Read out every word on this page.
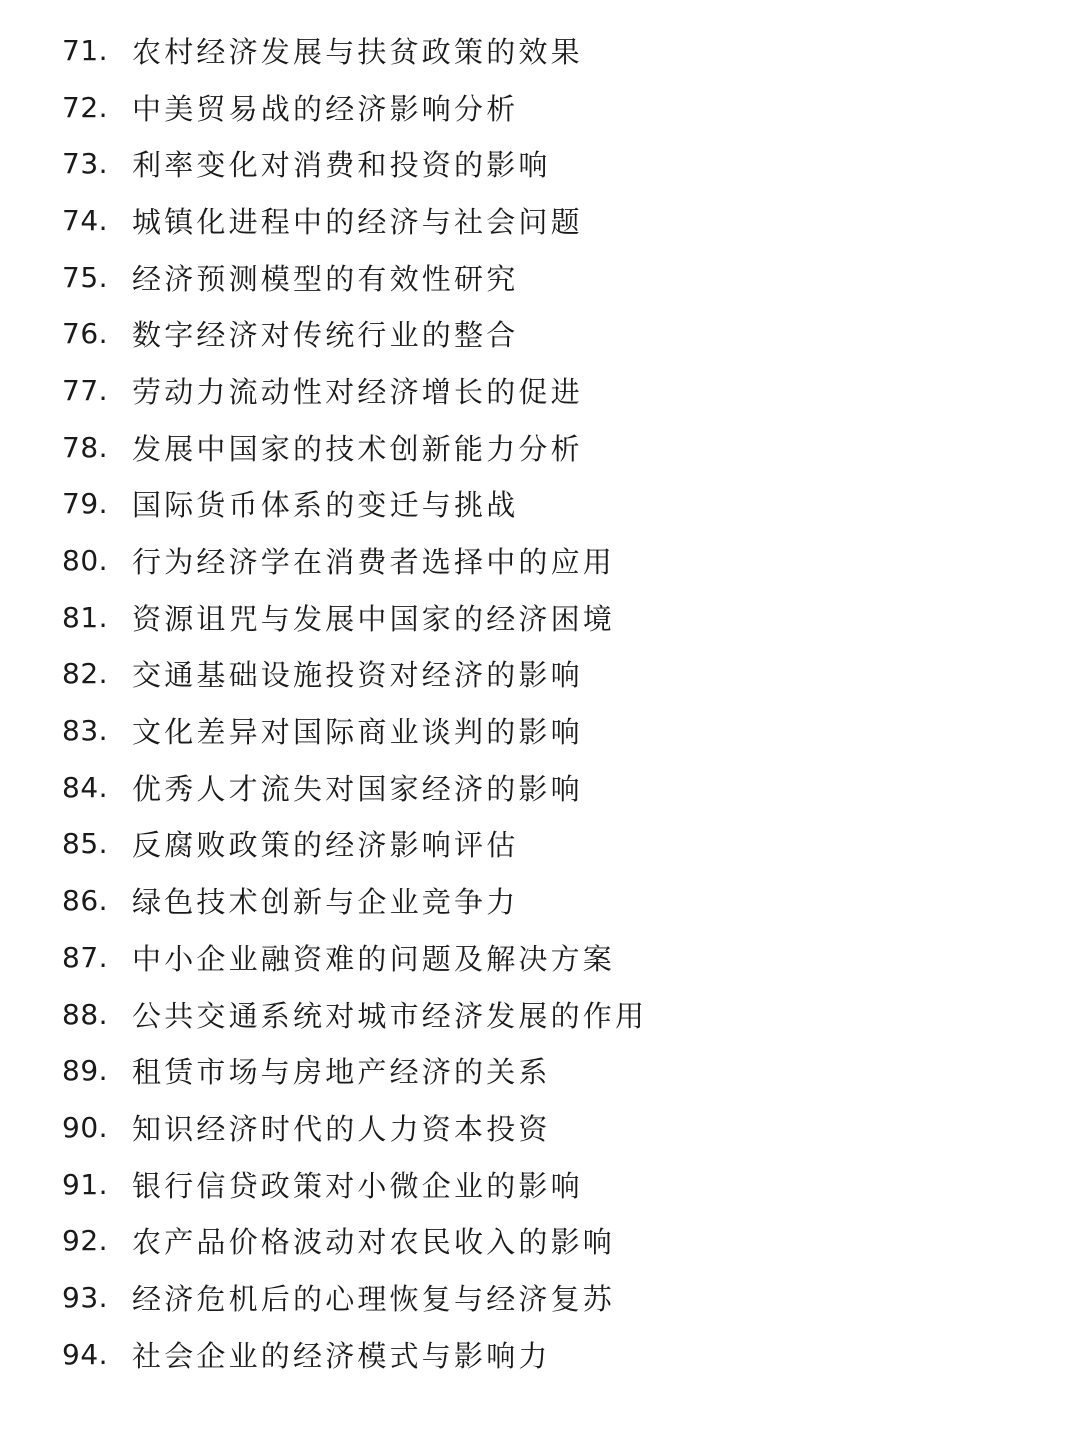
71. 农村经济发展与扶贫政策的效果
72. 中美贸易战的经济影响分析
73. 利率变化对消费和投资的影响
74. 城镇化进程中的经济与社会问题
75. 经济预测模型的有效性研究
76. 数字经济对传统行业的整合
77. 劳动力流动性对经济增长的促进
78. 发展中国家的技术创新能力分析
79. 国际货币体系的变迁与挑战
80. 行为经济学在消费者选择中的应用
81. 资源诅咒与发展中国家的经济困境
82. 交通基础设施投资对经济的影响
83. 文化差异对国际商业谈判的影响
84. 优秀人才流失对国家经济的影响
85. 反腐败政策的经济影响评估
86. 绿色技术创新与企业竞争力
87. 中小企业融资难的问题及解决方案
88. 公共交通系统对城市经济发展的作用
89. 租赁市场与房地产经济的关系
90. 知识经济时代的人力资本投资
91. 银行信贷政策对小微企业的影响
92. 农产品价格波动对农民收入的影响
93. 经济危机后的心理恢复与经济复苏
94. 社会企业的经济模式与影响力
